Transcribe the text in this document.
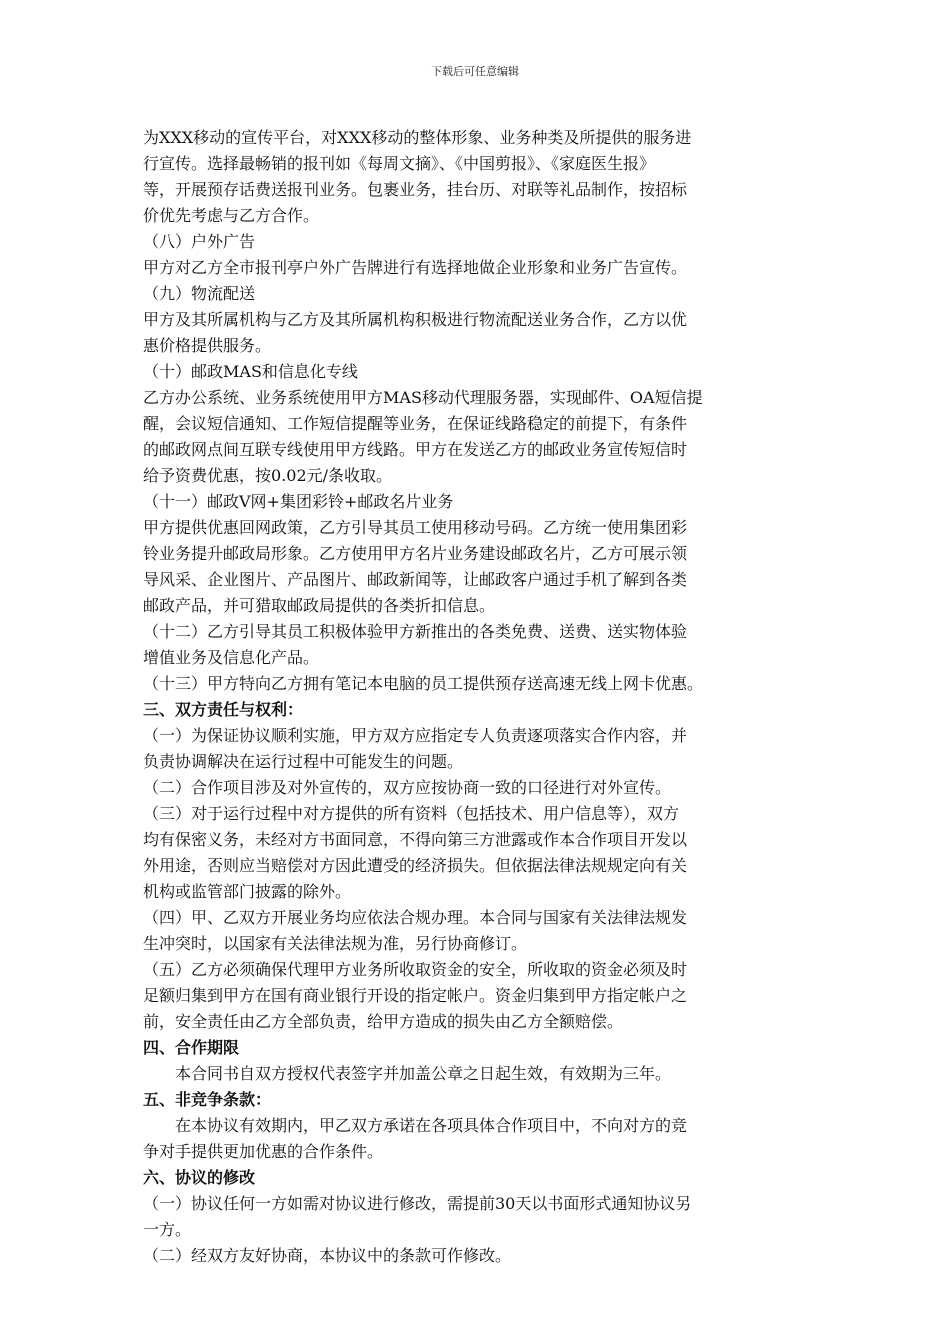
下载后可任意编辑
为XXX移动的宣传平台，对XXX移动的整体形象、业务种类及所提供的服务进
行宣传。选择最畅销的报刊如《每周文摘》、《中国剪报》、《家庭医生报》
等，开展预存话费送报刊业务。包裹业务，挂台历、对联等礼品制作，按招标
价优先考虑与乙方合作。
（八）户外广告
甲方对乙方全市报刊亭户外广告牌进行有选择地做企业形象和业务广告宣传。
（九）物流配送
甲方及其所属机构与乙方及其所属机构积极进行物流配送业务合作，乙方以优
惠价格提供服务。
（十）邮政MAS和信息化专线
乙方办公系统、业务系统使用甲方MAS移动代理服务器，实现邮件、OA短信提
醒，会议短信通知、工作短信提醒等业务，在保证线路稳定的前提下，有条件
的邮政网点间互联专线使用甲方线路。甲方在发送乙方的邮政业务宣传短信时
给予资费优惠，按0.02元/条收取。
（十一）邮政V网+集团彩铃+邮政名片业务
甲方提供优惠回网政策，乙方引导其员工使用移动号码。乙方统一使用集团彩
铃业务提升邮政局形象。乙方使用甲方名片业务建设邮政名片，乙方可展示领
导风采、企业图片、产品图片、邮政新闻等，让邮政客户通过手机了解到各类
邮政产品，并可猎取邮政局提供的各类折扣信息。
（十二）乙方引导其员工积极体验甲方新推出的各类免费、送费、送实物体验
增值业务及信息化产品。
（十三）甲方特向乙方拥有笔记本电脑的员工提供预存送高速无线上网卡优惠。
三、双方责任与权利：
（一）为保证协议顺利实施，甲方双方应指定专人负责逐项落实合作内容，并
负责协调解决在运行过程中可能发生的问题。
（二）合作项目涉及对外宣传的，双方应按协商一致的口径进行对外宣传。
（三）对于运行过程中对方提供的所有资料（包括技术、用户信息等），双方
均有保密义务，未经对方书面同意，不得向第三方泄露或作本合作项目开发以
外用途，否则应当赔偿对方因此遭受的经济损失。但依据法律法规规定向有关
机构或监管部门披露的除外。
（四）甲、乙双方开展业务均应依法合规办理。本合同与国家有关法律法规发
生冲突时，以国家有关法律法规为准，另行协商修订。
（五）乙方必须确保代理甲方业务所收取资金的安全，所收取的资金必须及时
足额归集到甲方在国有商业银行开设的指定帐户。资金归集到甲方指定帐户之
前，安全责任由乙方全部负责，给甲方造成的损失由乙方全额赔偿。
四、合作期限
本合同书自双方授权代表签字并加盖公章之日起生效，有效期为三年。
五、非竞争条款：
在本协议有效期内，甲乙双方承诺在各项具体合作项目中，不向对方的竞
争对手提供更加优惠的合作条件。
六、协议的修改
（一）协议任何一方如需对协议进行修改，需提前30天以书面形式通知协议另
一方。
（二）经双方友好协商，本协议中的条款可作修改。
